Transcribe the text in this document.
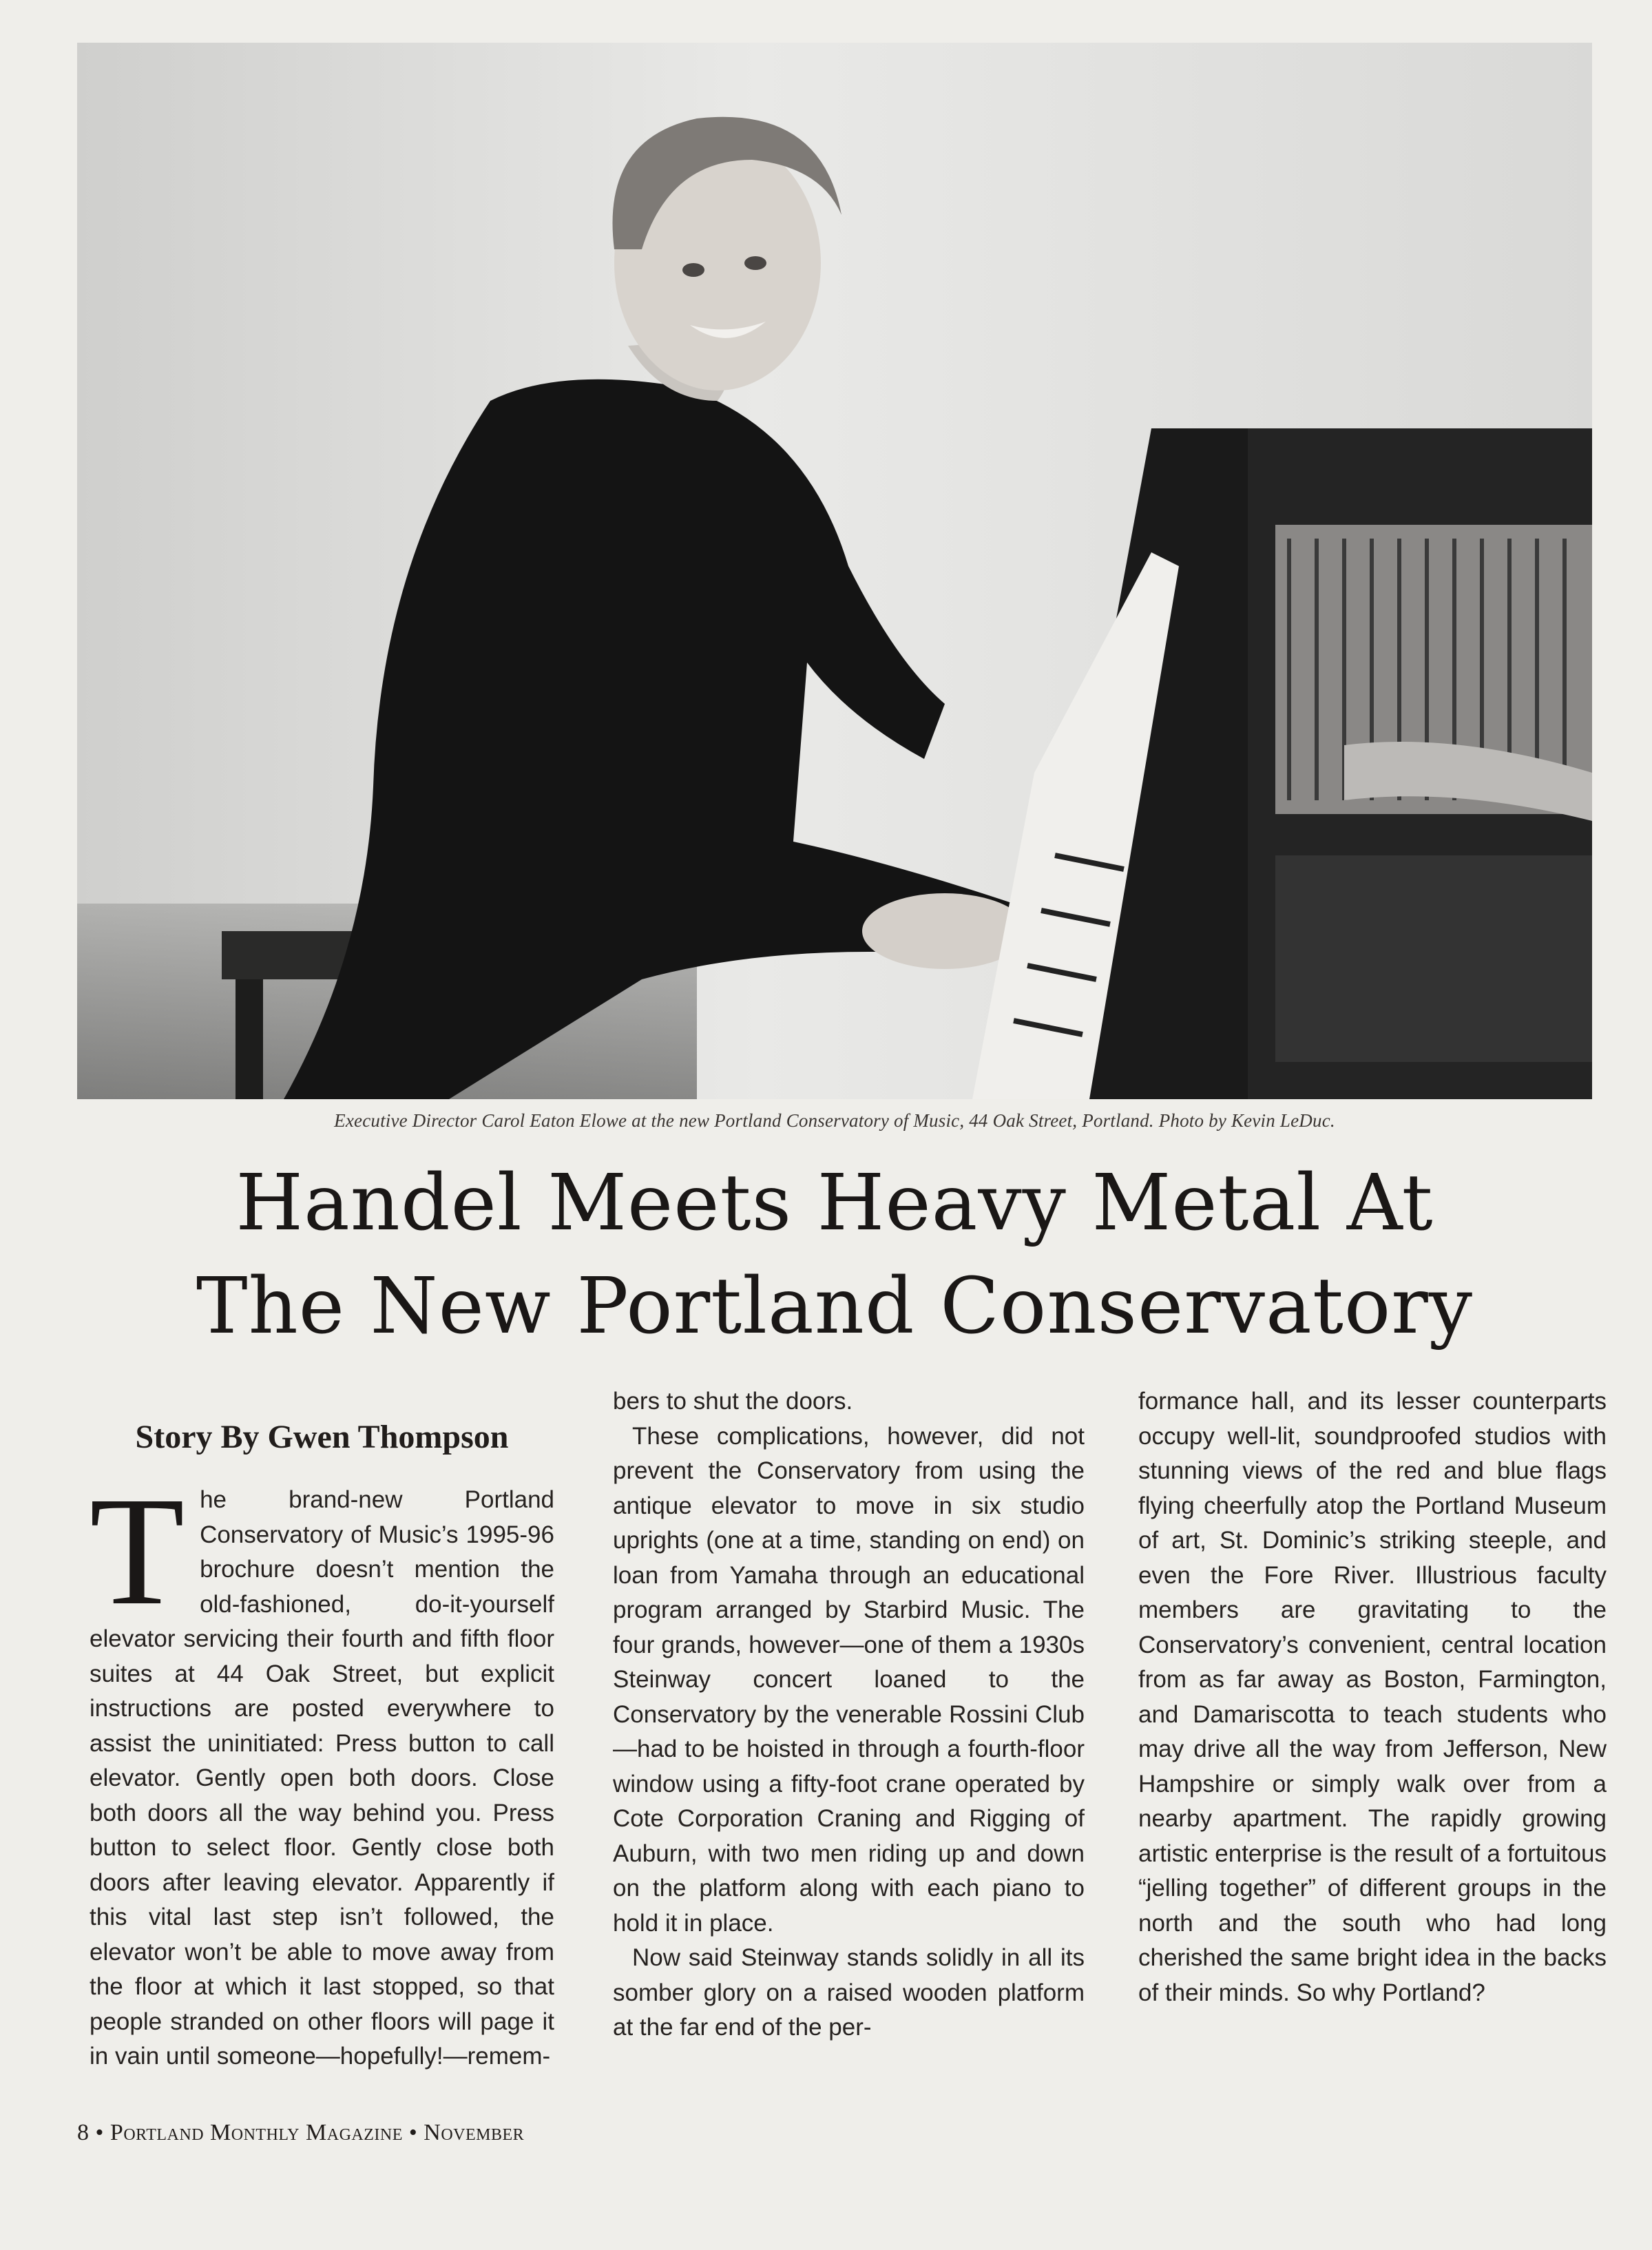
Executive Director Carol Eaton Elowe at the new Portland Conservatory of Music, 44 Oak Street, Portland. Photo by Kevin LeDuc.
Handel Meets Heavy Metal At
The New Portland Conservatory
Story By Gwen Thompson

The brand-new Portland Conservatory of Music’s 1995-96 brochure doesn’t mention the old-fashioned, do-it-yourself elevator servicing their fourth and fifth floor suites at 44 Oak Street, but explicit instructions are posted everywhere to assist the uninitiated: Press button to call elevator. Gently open both doors. Close both doors all the way behind you. Press button to select floor. Gently close both doors after leaving elevator. Apparently if this vital last step isn’t followed, the elevator won’t be able to move away from the floor at which it last stopped, so that people stranded on other floors will page it in vain until someone—hopefully!—remem-

bers to shut the doors.

These complications, however, did not prevent the Conservatory from using the antique elevator to move in six studio uprights (one at a time, standing on end) on loan from Yamaha through an educational program arranged by Starbird Music. The four grands, however—one of them a 1930s Steinway concert loaned to the Conservatory by the venerable Rossini Club—had to be hoisted in through a fourth-floor window using a fifty-foot crane operated by Cote Corporation Craning and Rigging of Auburn, with two men riding up and down on the platform along with each piano to hold it in place.

Now said Steinway stands solidly in all its somber glory on a raised wooden platform at the far end of the per-

formance hall, and its lesser counterparts occupy well-lit, soundproofed studios with stunning views of the red and blue flags flying cheerfully atop the Portland Museum of art, St. Dominic’s striking steeple, and even the Fore River. Illustrious faculty members are gravitating to the Conservatory’s convenient, central location from as far away as Boston, Farmington, and Damariscotta to teach students who may drive all the way from Jefferson, New Hampshire or simply walk over from a nearby apartment. The rapidly growing artistic enterprise is the result of a fortuitous “jelling together” of different groups in the north and the south who had long cherished the same bright idea in the backs of their minds. So why Portland?

8 • Portland Monthly Magazine • November
